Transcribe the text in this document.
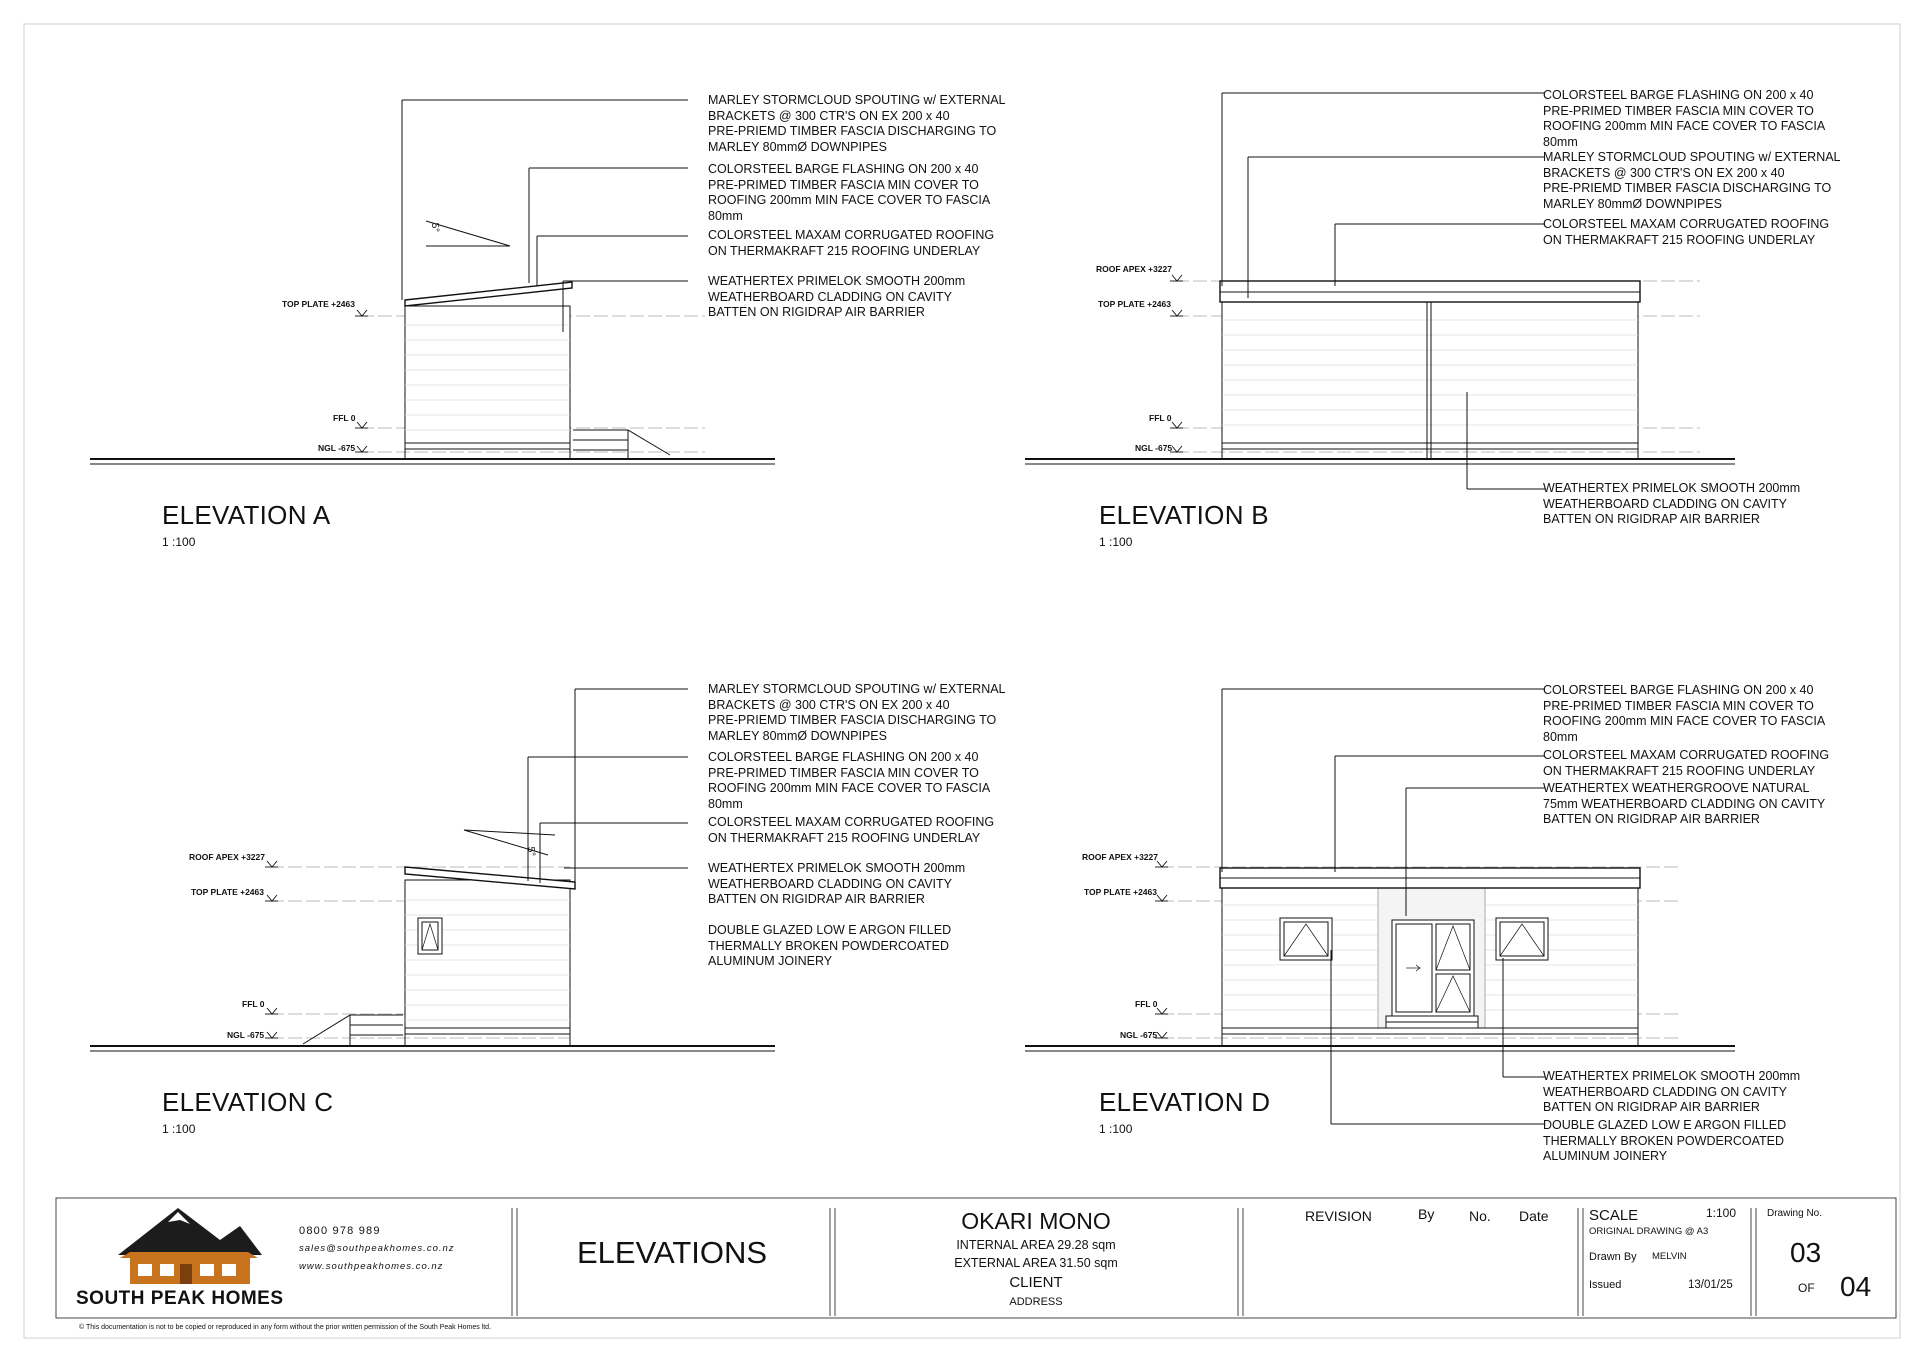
TOP PLATE +2463
FFL 0
NGL -675
5°
MARLEY STORMCLOUD SPOUTING w/ EXTERNAL
BRACKETS @ 300 CTR'S ON EX 200 x 40
PRE-PRIEMD TIMBER FASCIA DISCHARGING TO
MARLEY 80mmØ DOWNPIPES
COLORSTEEL BARGE FLASHING ON 200 x 40
PRE-PRIMED TIMBER FASCIA MIN COVER TO
ROOFING 200mm MIN FACE COVER TO FASCIA
80mm
COLORSTEEL MAXAM CORRUGATED ROOFING
ON THERMAKRAFT 215 ROOFING UNDERLAY
WEATHERTEX PRIMELOK SMOOTH 200mm
WEATHERBOARD CLADDING ON CAVITY
BATTEN ON RIGIDRAP AIR BARRIER
ELEVATION A
1 :100
ROOF APEX +3227
TOP PLATE +2463
FFL 0
NGL -675
COLORSTEEL BARGE FLASHING ON 200 x 40
PRE-PRIMED TIMBER FASCIA MIN COVER TO
ROOFING 200mm MIN FACE COVER TO FASCIA
80mm
MARLEY STORMCLOUD SPOUTING w/ EXTERNAL
BRACKETS @ 300 CTR'S ON EX 200 x 40
PRE-PRIEMD TIMBER FASCIA DISCHARGING TO
MARLEY 80mmØ DOWNPIPES
COLORSTEEL MAXAM CORRUGATED ROOFING
ON THERMAKRAFT 215 ROOFING UNDERLAY
WEATHERTEX PRIMELOK SMOOTH 200mm
WEATHERBOARD CLADDING ON CAVITY
BATTEN ON RIGIDRAP AIR BARRIER
ELEVATION B
1 :100
ROOF APEX +3227
TOP PLATE +2463
FFL 0
NGL -675
5°
MARLEY STORMCLOUD SPOUTING w/ EXTERNAL
BRACKETS @ 300 CTR'S ON EX 200 x 40
PRE-PRIEMD TIMBER FASCIA DISCHARGING TO
MARLEY 80mmØ DOWNPIPES
COLORSTEEL BARGE FLASHING ON 200 x 40
PRE-PRIMED TIMBER FASCIA MIN COVER TO
ROOFING 200mm MIN FACE COVER TO FASCIA
80mm
COLORSTEEL MAXAM CORRUGATED ROOFING
ON THERMAKRAFT 215 ROOFING UNDERLAY
WEATHERTEX PRIMELOK SMOOTH 200mm
WEATHERBOARD CLADDING ON CAVITY
BATTEN ON RIGIDRAP AIR BARRIER
DOUBLE GLAZED LOW E ARGON FILLED
THERMALLY BROKEN POWDERCOATED
ALUMINUM JOINERY
ELEVATION C
1 :100
ROOF APEX +3227
TOP PLATE +2463
FFL 0
NGL -675
COLORSTEEL BARGE FLASHING ON 200 x 40
PRE-PRIMED TIMBER FASCIA MIN COVER TO
ROOFING 200mm MIN FACE COVER TO FASCIA
80mm
COLORSTEEL MAXAM CORRUGATED ROOFING
ON THERMAKRAFT 215 ROOFING UNDERLAY
WEATHERTEX WEATHERGROOVE NATURAL
75mm WEATHERBOARD CLADDING ON CAVITY
BATTEN ON RIGIDRAP AIR BARRIER
WEATHERTEX PRIMELOK SMOOTH 200mm
WEATHERBOARD CLADDING ON CAVITY
BATTEN ON RIGIDRAP AIR BARRIER
DOUBLE GLAZED LOW E ARGON FILLED
THERMALLY BROKEN POWDERCOATED
ALUMINUM JOINERY
ELEVATION D
1 :100
SOUTH PEAK HOMES
0800 978 989
sales@southpeakhomes.co.nz
www.southpeakhomes.co.nz	ELEVATIONS
OKARI MONO
INTERNAL AREA 29.28 sqm
EXTERNAL AREA 31.50 sqm
CLIENT
ADDRESS
REVISION	By No. Date	SCALE	1:100
ORIGINAL DRAWING @ A3
Drawn By MELVIN
Issued	13/01/25
Drawing No.
03
OF 04
© This documentation is not to be copied or reproduced in any form without the prior written permission of the South Peak Homes ltd.
